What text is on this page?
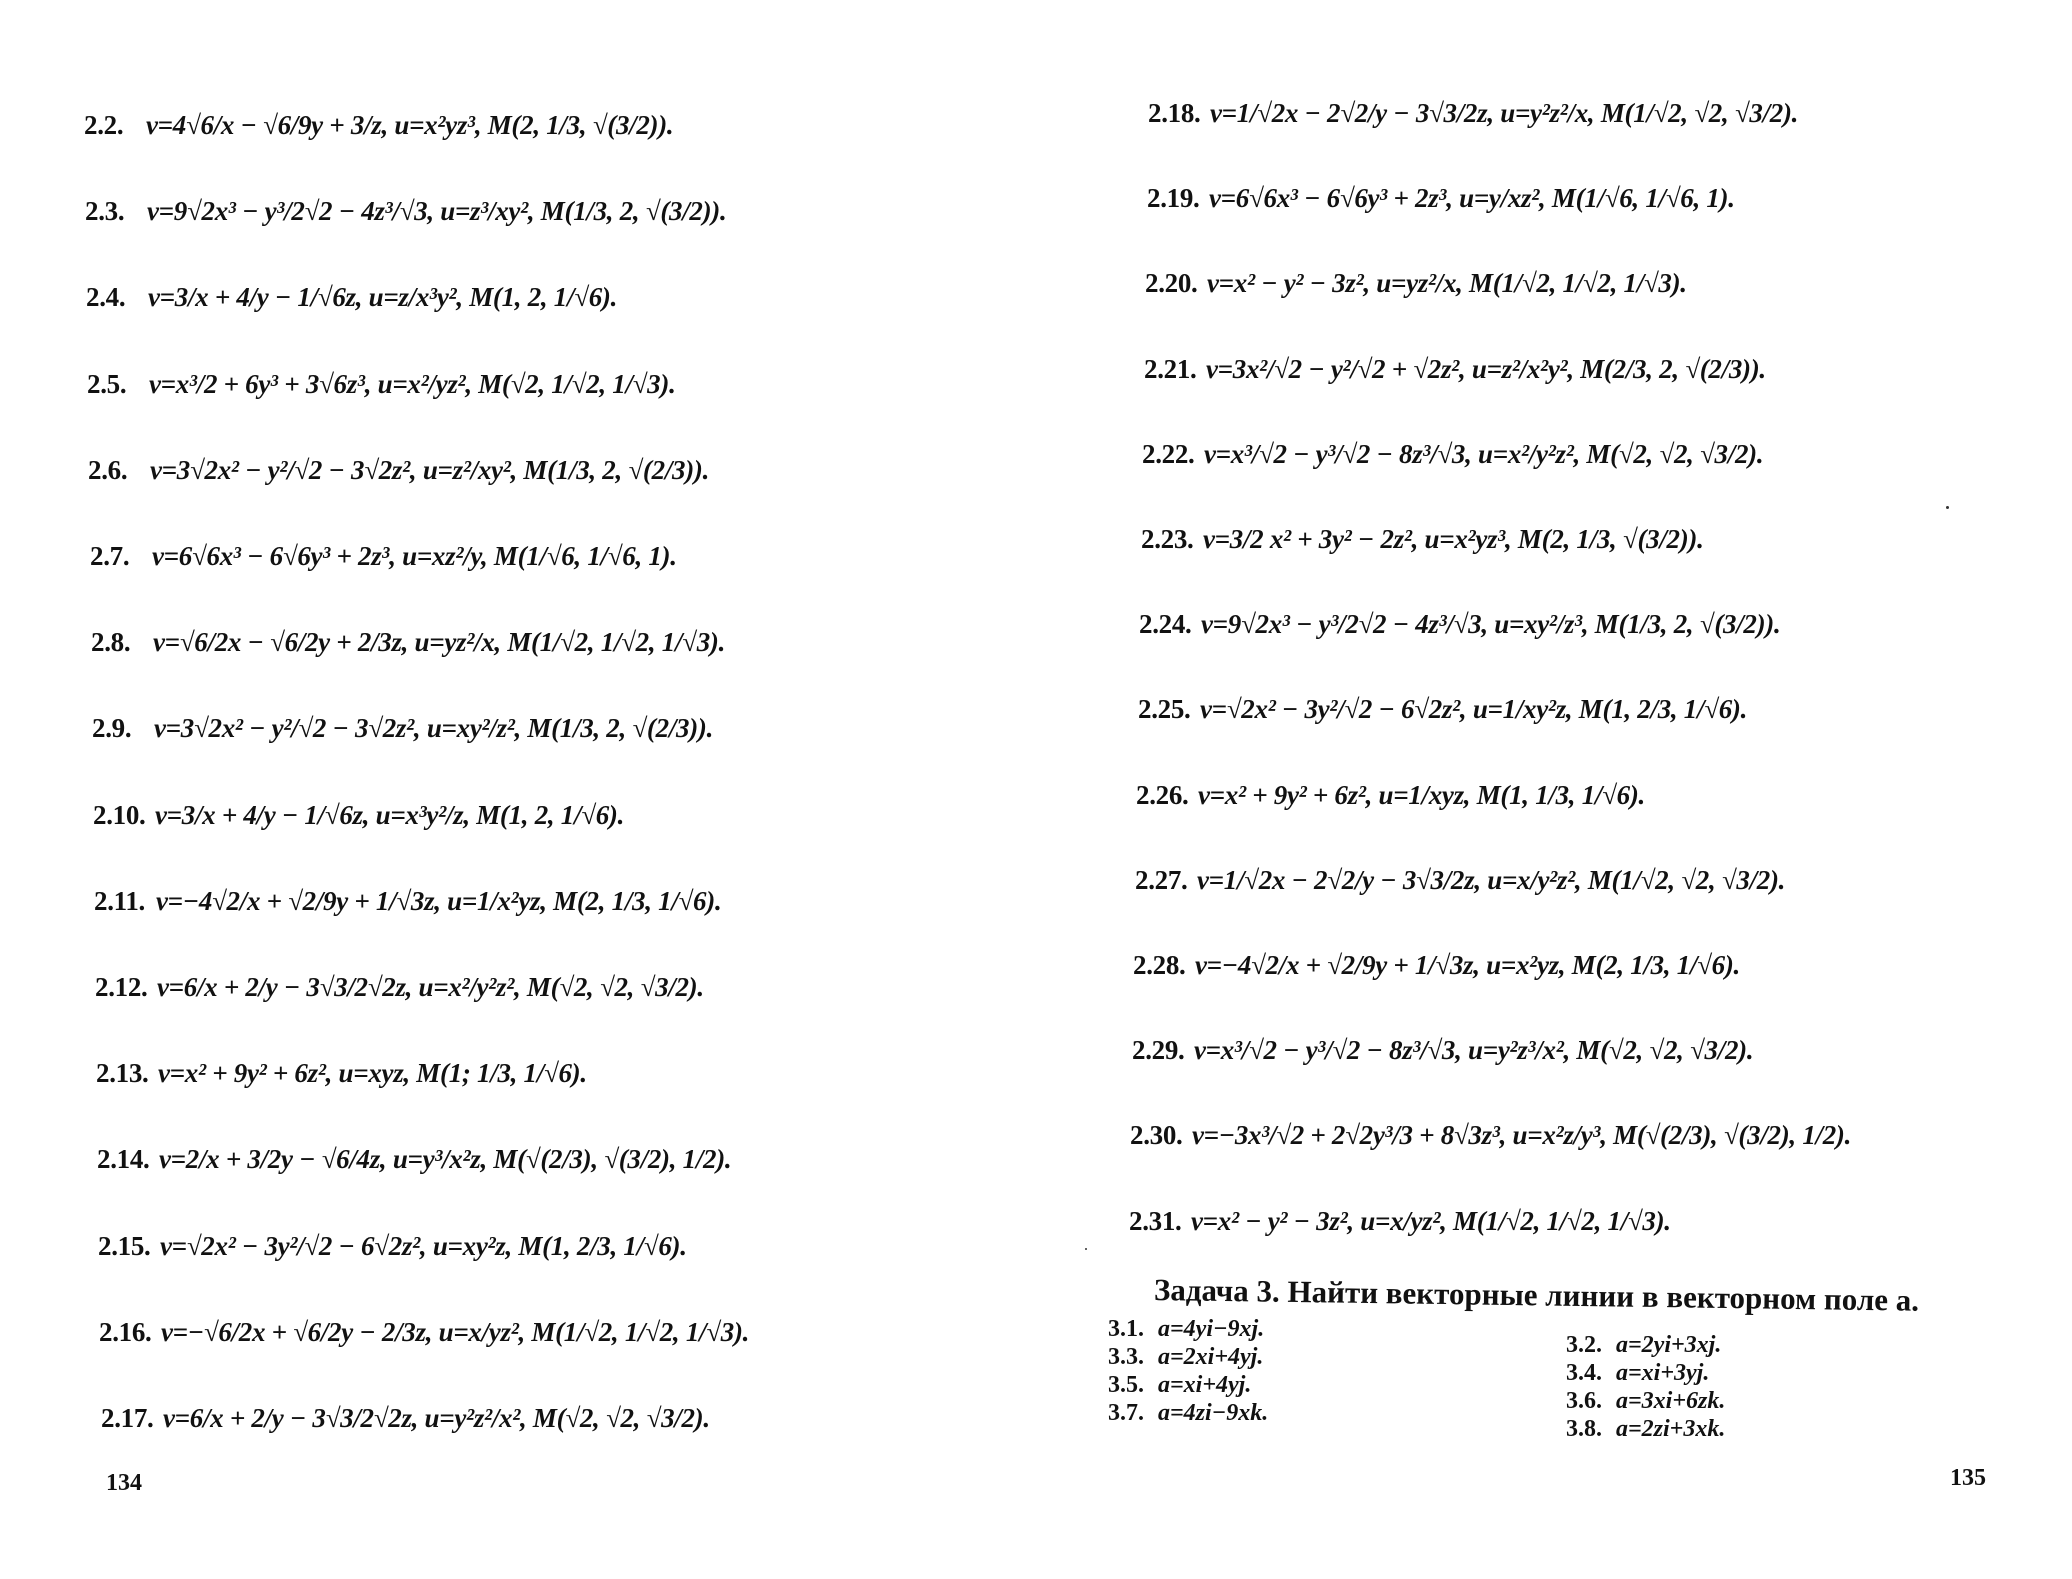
2.2. v=4√6/x − √6/9y + 3/z, u=x²yz³, M(2, 1/3, √(3/2)).
2.3. v=9√2x³ − y³/2√2 − 4z³/√3, u=z³/xy², M(1/3, 2, √(3/2)).
2.4. v=3/x + 4/y − 1/√6z, u=z/x³y², M(1, 2, 1/√6).
2.5. v=x³/2 + 6y³ + 3√6z³, u=x²/yz², M(√2, 1/√2, 1/√3).
2.6. v=3√2x² − y²/√2 − 3√2z², u=z²/xy², M(1/3, 2, √(2/3)).
2.7. v=6√6x³ − 6√6y³ + 2z³, u=xz²/y, M(1/√6, 1/√6, 1).
2.8. v=√6/2x − √6/2y + 2/3z, u=yz²/x, M(1/√2, 1/√2, 1/√3).
2.9. v=3√2x² − y²/√2 − 3√2z², u=xy²/z², M(1/3, 2, √(2/3)).
2.10. v=3/x + 4/y − 1/√6z, u=x³y²/z, M(1, 2, 1/√6).
2.11. v=−4√2/x + √2/9y + 1/√3z, u=1/x²yz, M(2, 1/3, 1/√6).
2.12. v=6/x + 2/y − 3√3/2√2z, u=x²/y²z², M(√2, √2, √3/2).
2.13. v=x² + 9y² + 6z², u=xyz, M(1; 1/3, 1/√6).
2.14. v=2/x + 3/2y − √6/4z, u=y³/x²z, M(√(2/3), √(3/2), 1/2).
2.15. v=√2x² − 3y²/√2 − 6√2z², u=xy²z, M(1, 2/3, 1/√6).
2.16. v=−√6/2x + √6/2y − 2/3z, u=x/yz², M(1/√2, 1/√2, 1/√3).
2.17. v=6/x + 2/y − 3√3/2√2z, u=y²z²/x², M(√2, √2, √3/2).
134
2.18. v=1/√2x − 2√2/y − 3√3/2z, u=y²z²/x, M(1/√2, √2, √3/2).
2.19. v=6√6x³ − 6√6y³ + 2z³, u=y/xz², M(1/√6, 1/√6, 1).
2.20. v=x² − y² − 3z², u=yz²/x, M(1/√2, 1/√2, 1/√3).
2.21. v=3x²/√2 − y²/√2 + √2z², u=z²/x²y², M(2/3, 2, √(2/3)).
2.22. v=x³/√2 − y³/√2 − 8z³/√3, u=x²/y²z², M(√2, √2, √3/2).
2.23. v=3/2 x² + 3y² − 2z², u=x²yz³, M(2, 1/3, √(3/2)).
2.24. v=9√2x³ − y³/2√2 − 4z³/√3, u=xy²/z³, M(1/3, 2, √(3/2)).
2.25. v=√2x² − 3y²/√2 − 6√2z², u=1/xy²z, M(1, 2/3, 1/√6).
2.26. v=x² + 9y² + 6z², u=1/xyz, M(1, 1/3, 1/√6).
2.27. v=1/√2x − 2√2/y − 3√3/2z, u=x/y²z², M(1/√2, √2, √3/2).
2.28. v=−4√2/x + √2/9y + 1/√3z, u=x²yz, M(2, 1/3, 1/√6).
2.29. v=x³/√2 − y³/√2 − 8z³/√3, u=y²z³/x², M(√2, √2, √3/2).
2.30. v=−3x³/√2 + 2√2y³/3 + 8√3z³, u=x²z/y³, M(√(2/3), √(3/2), 1/2).
2.31. v=x² − y² − 3z², u=x/yz², M(1/√2, 1/√2, 1/√3).
Задача 3. Найти векторные линии в векторном поле a.
3.1. a=4yi−9xj.
3.3. a=2xi+4yj.
3.5. a=xi+4yj.
3.7. a=4zi−9xk.
3.2. a=2yi+3xj.
3.4. a=xi+3yj.
3.6. a=3xi+6zk.
3.8. a=2zi+3xk.
135
